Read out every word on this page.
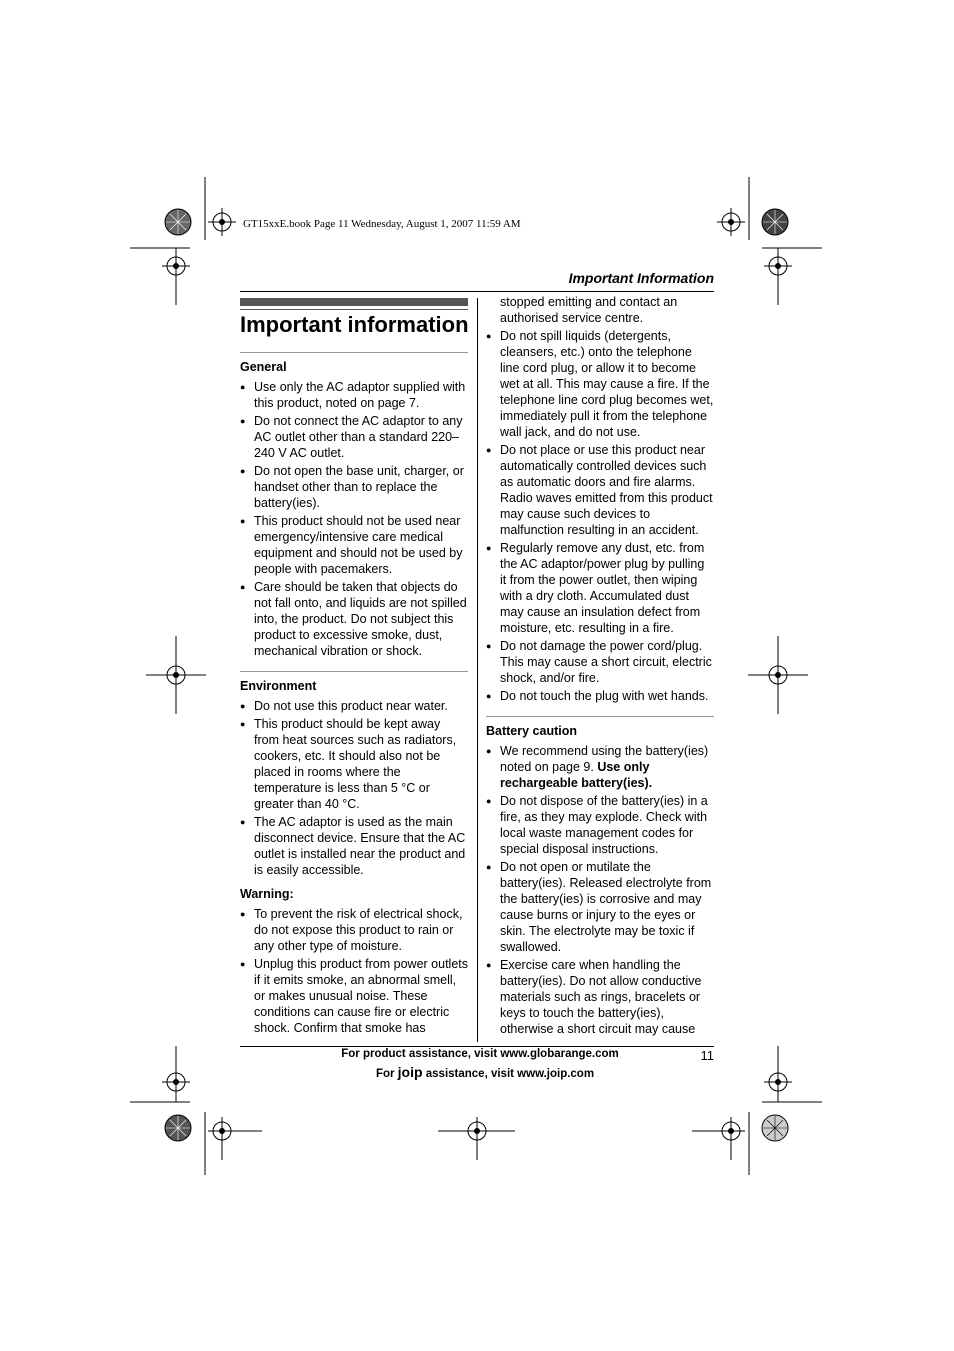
GT15xxE.book Page 11 Wednesday, August 1, 2007 11:59 AM
Important Information
Important information
General
● Use only the AC adaptor supplied with this product, noted on page 7.
● Do not connect the AC adaptor to any AC outlet other than a standard 220–240 V AC outlet.
● Do not open the base unit, charger, or handset other than to replace the battery(ies).
● This product should not be used near emergency/intensive care medical equipment and should not be used by people with pacemakers.
● Care should be taken that objects do not fall onto, and liquids are not spilled into, the product. Do not subject this product to excessive smoke, dust, mechanical vibration or shock.
Environment
● Do not use this product near water.
● This product should be kept away from heat sources such as radiators, cookers, etc. It should also not be placed in rooms where the temperature is less than 5 °C or greater than 40 °C.
● The AC adaptor is used as the main disconnect device. Ensure that the AC outlet is installed near the product and is easily accessible.
Warning:
● To prevent the risk of electrical shock, do not expose this product to rain or any other type of moisture.
● Unplug this product from power outlets if it emits smoke, an abnormal smell, or makes unusual noise. These conditions can cause fire or electric shock. Confirm that smoke has
stopped emitting and contact an authorised service centre.
● Do not spill liquids (detergents, cleansers, etc.) onto the telephone line cord plug, or allow it to become wet at all. This may cause a fire. If the telephone line cord plug becomes wet, immediately pull it from the telephone wall jack, and do not use.
● Do not place or use this product near automatically controlled devices such as automatic doors and fire alarms. Radio waves emitted from this product may cause such devices to malfunction resulting in an accident.
● Regularly remove any dust, etc. from the AC adaptor/power plug by pulling it from the power outlet, then wiping with a dry cloth. Accumulated dust may cause an insulation defect from moisture, etc. resulting in a fire.
● Do not damage the power cord/plug. This may cause a short circuit, electric shock, and/or fire.
● Do not touch the plug with wet hands.
Battery caution
● We recommend using the battery(ies) noted on page 9. Use only rechargeable battery(ies).
● Do not dispose of the battery(ies) in a fire, as they may explode. Check with local waste management codes for special disposal instructions.
● Do not open or mutilate the battery(ies). Released electrolyte from the battery(ies) is corrosive and may cause burns or injury to the eyes or skin. The electrolyte may be toxic if swallowed.
● Exercise care when handling the battery(ies). Do not allow conductive materials such as rings, bracelets or keys to touch the battery(ies), otherwise a short circuit may cause
For product assistance, visit www.globarange.com
For joip assistance, visit www.joip.com
11
